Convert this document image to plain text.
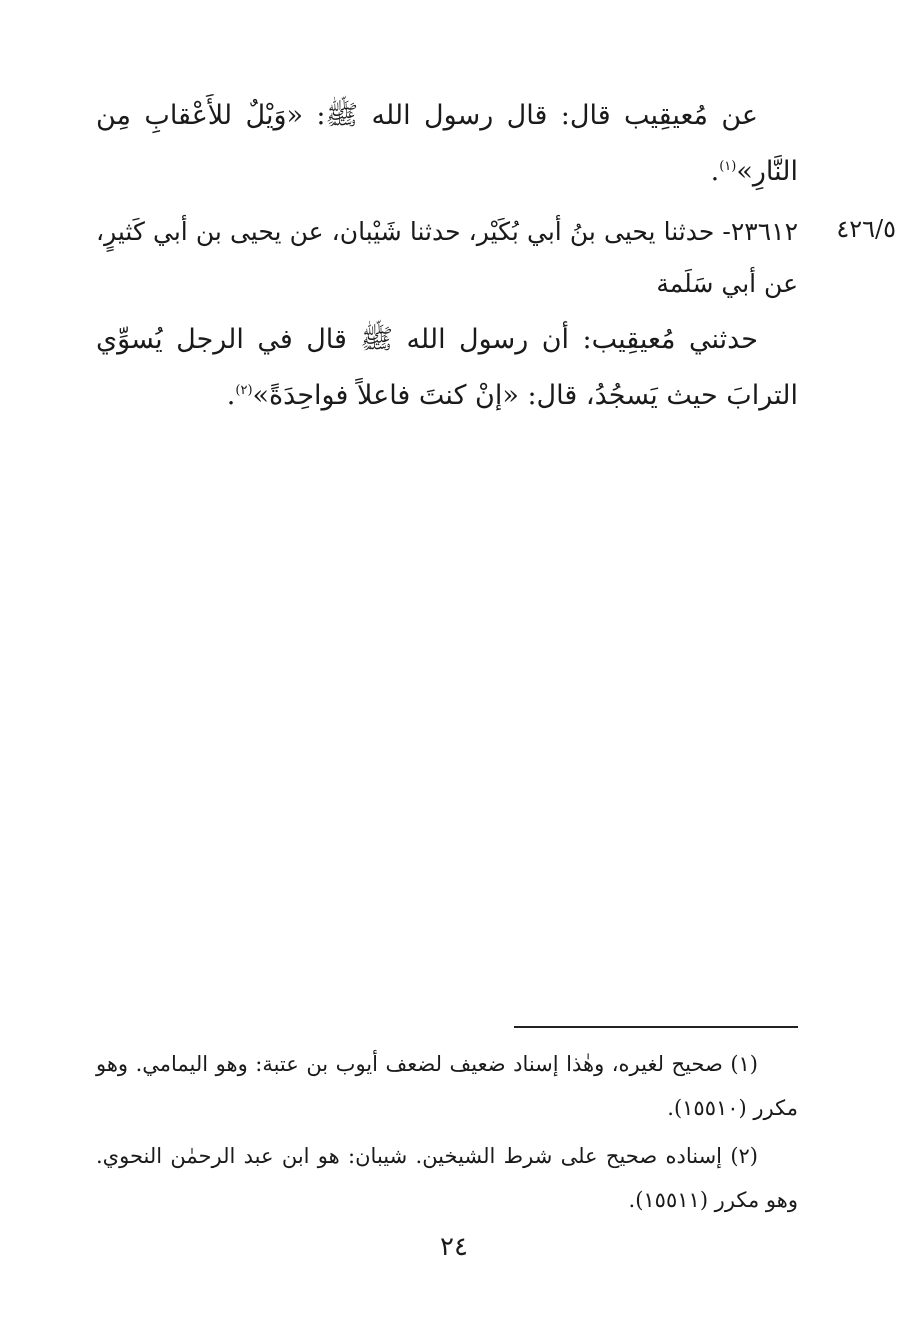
٤٢٦/٥

عن مُعيقِيب قال: قال رسول الله ﷺ: «وَيْلٌ للأَعْقابِ مِن النَّارِ»$^{(١)}$.

٢٣٦١٢- حدثنا يحيى بنُ أبي بُكَيْر، حدثنا شَيْبان، عن يحيى بن أبي كَثيرٍ، عن أبي سَلَمة

حدثني مُعيقِيب: أن رسول الله ﷺ قال في الرجل يُسوِّي الترابَ حيث يَسجُدُ، قال: «إنْ كنتَ فاعلاً فواحِدَةً»$^{(٢)}$.

(١) صحيح لغيره، وهٰذا إسناد ضعيف لضعف أيوب بن عتبة: وهو اليمامي. وهو مكرر (١٥٥١٠).

(٢) إسناده صحيح على شرط الشيخين. شيبان: هو ابن عبد الرحمٰن النحوي. وهو مكرر (١٥٥١١).

٢٤
